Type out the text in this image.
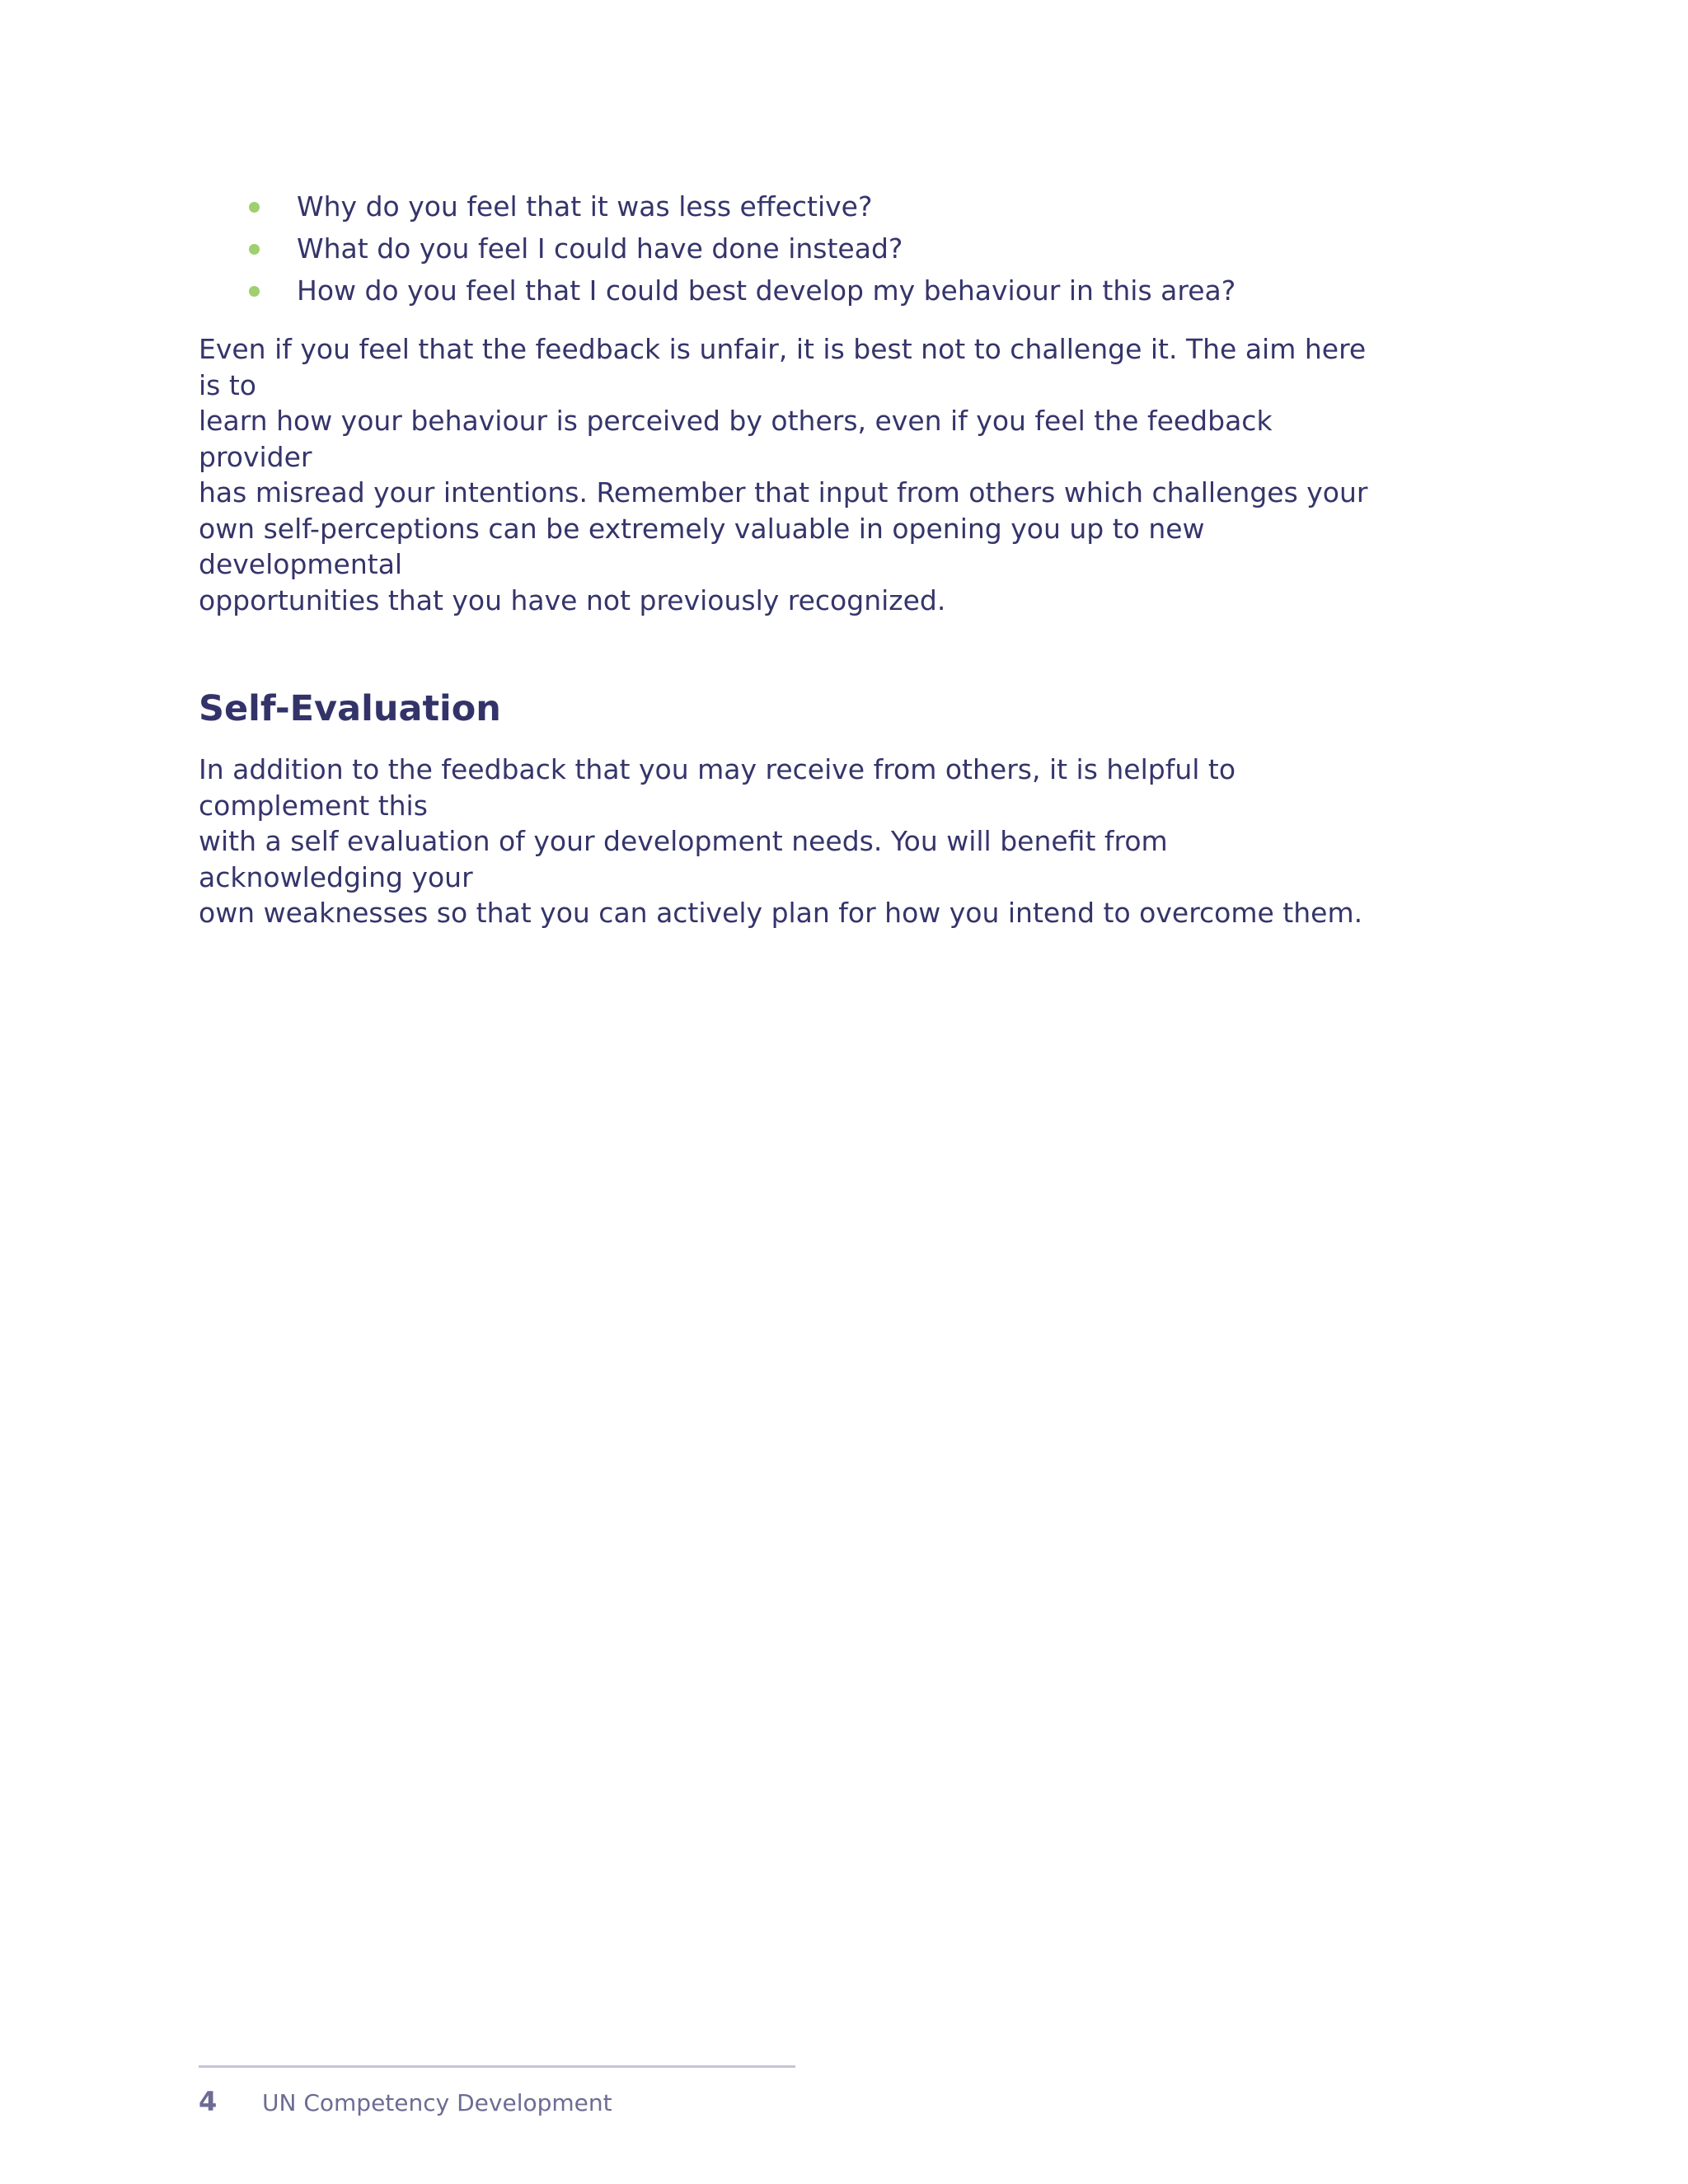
Why do you feel that it was less effective?
What do you feel I could have done instead?
How do you feel that I could best develop my behaviour in this area?

Even if you feel that the feedback is unfair, it is best not to challenge it. The aim here is to
learn how your behaviour is perceived by others, even if you feel the feedback provider
has misread your intentions. Remember that input from others which challenges your
own self-perceptions can be extremely valuable in opening you up to new developmental
opportunities that you have not previously recognized.

Self-Evaluation

In addition to the feedback that you may receive from others, it is helpful to complement this
with a self evaluation of your development needs. You will benefit from acknowledging your
own weaknesses so that you can actively plan for how you intend to overcome them.

4 UN Competency Development
